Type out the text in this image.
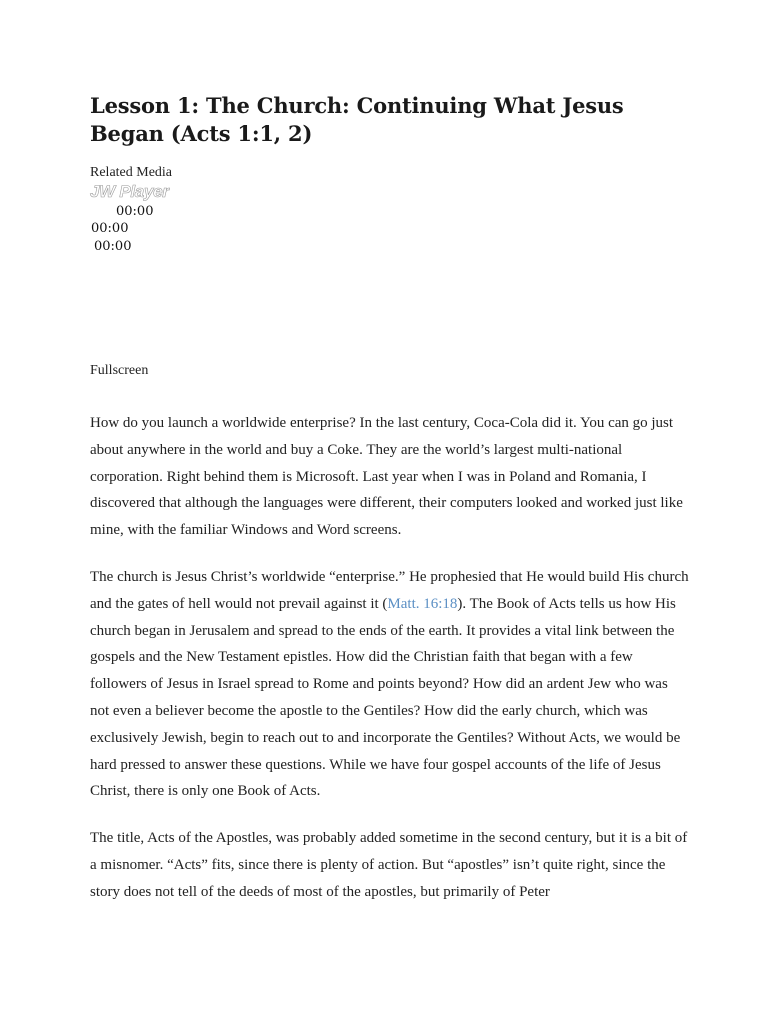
Lesson 1: The Church: Continuing What Jesus Began (Acts 1:1, 2)
Related Media
JW Player
00:00
00:00
00:00
Fullscreen

How do you launch a worldwide enterprise? In the last century, Coca-Cola did it. You can go just about anywhere in the world and buy a Coke. They are the world’s largest multi-national corporation. Right behind them is Microsoft. Last year when I was in Poland and Romania, I discovered that although the languages were different, their computers looked and worked just like mine, with the familiar Windows and Word screens.

The church is Jesus Christ’s worldwide “enterprise.” He prophesied that He would build His church and the gates of hell would not prevail against it (Matt. 16:18). The Book of Acts tells us how His church began in Jerusalem and spread to the ends of the earth. It provides a vital link between the gospels and the New Testament epistles. How did the Christian faith that began with a few followers of Jesus in Israel spread to Rome and points beyond? How did an ardent Jew who was not even a believer become the apostle to the Gentiles? How did the early church, which was exclusively Jewish, begin to reach out to and incorporate the Gentiles? Without Acts, we would be hard pressed to answer these questions. While we have four gospel accounts of the life of Jesus Christ, there is only one Book of Acts.

The title, Acts of the Apostles, was probably added sometime in the second century, but it is a bit of a misnomer. “Acts” fits, since there is plenty of action. But “apostles” isn’t quite right, since the story does not tell of the deeds of most of the apostles, but primarily of Peter
